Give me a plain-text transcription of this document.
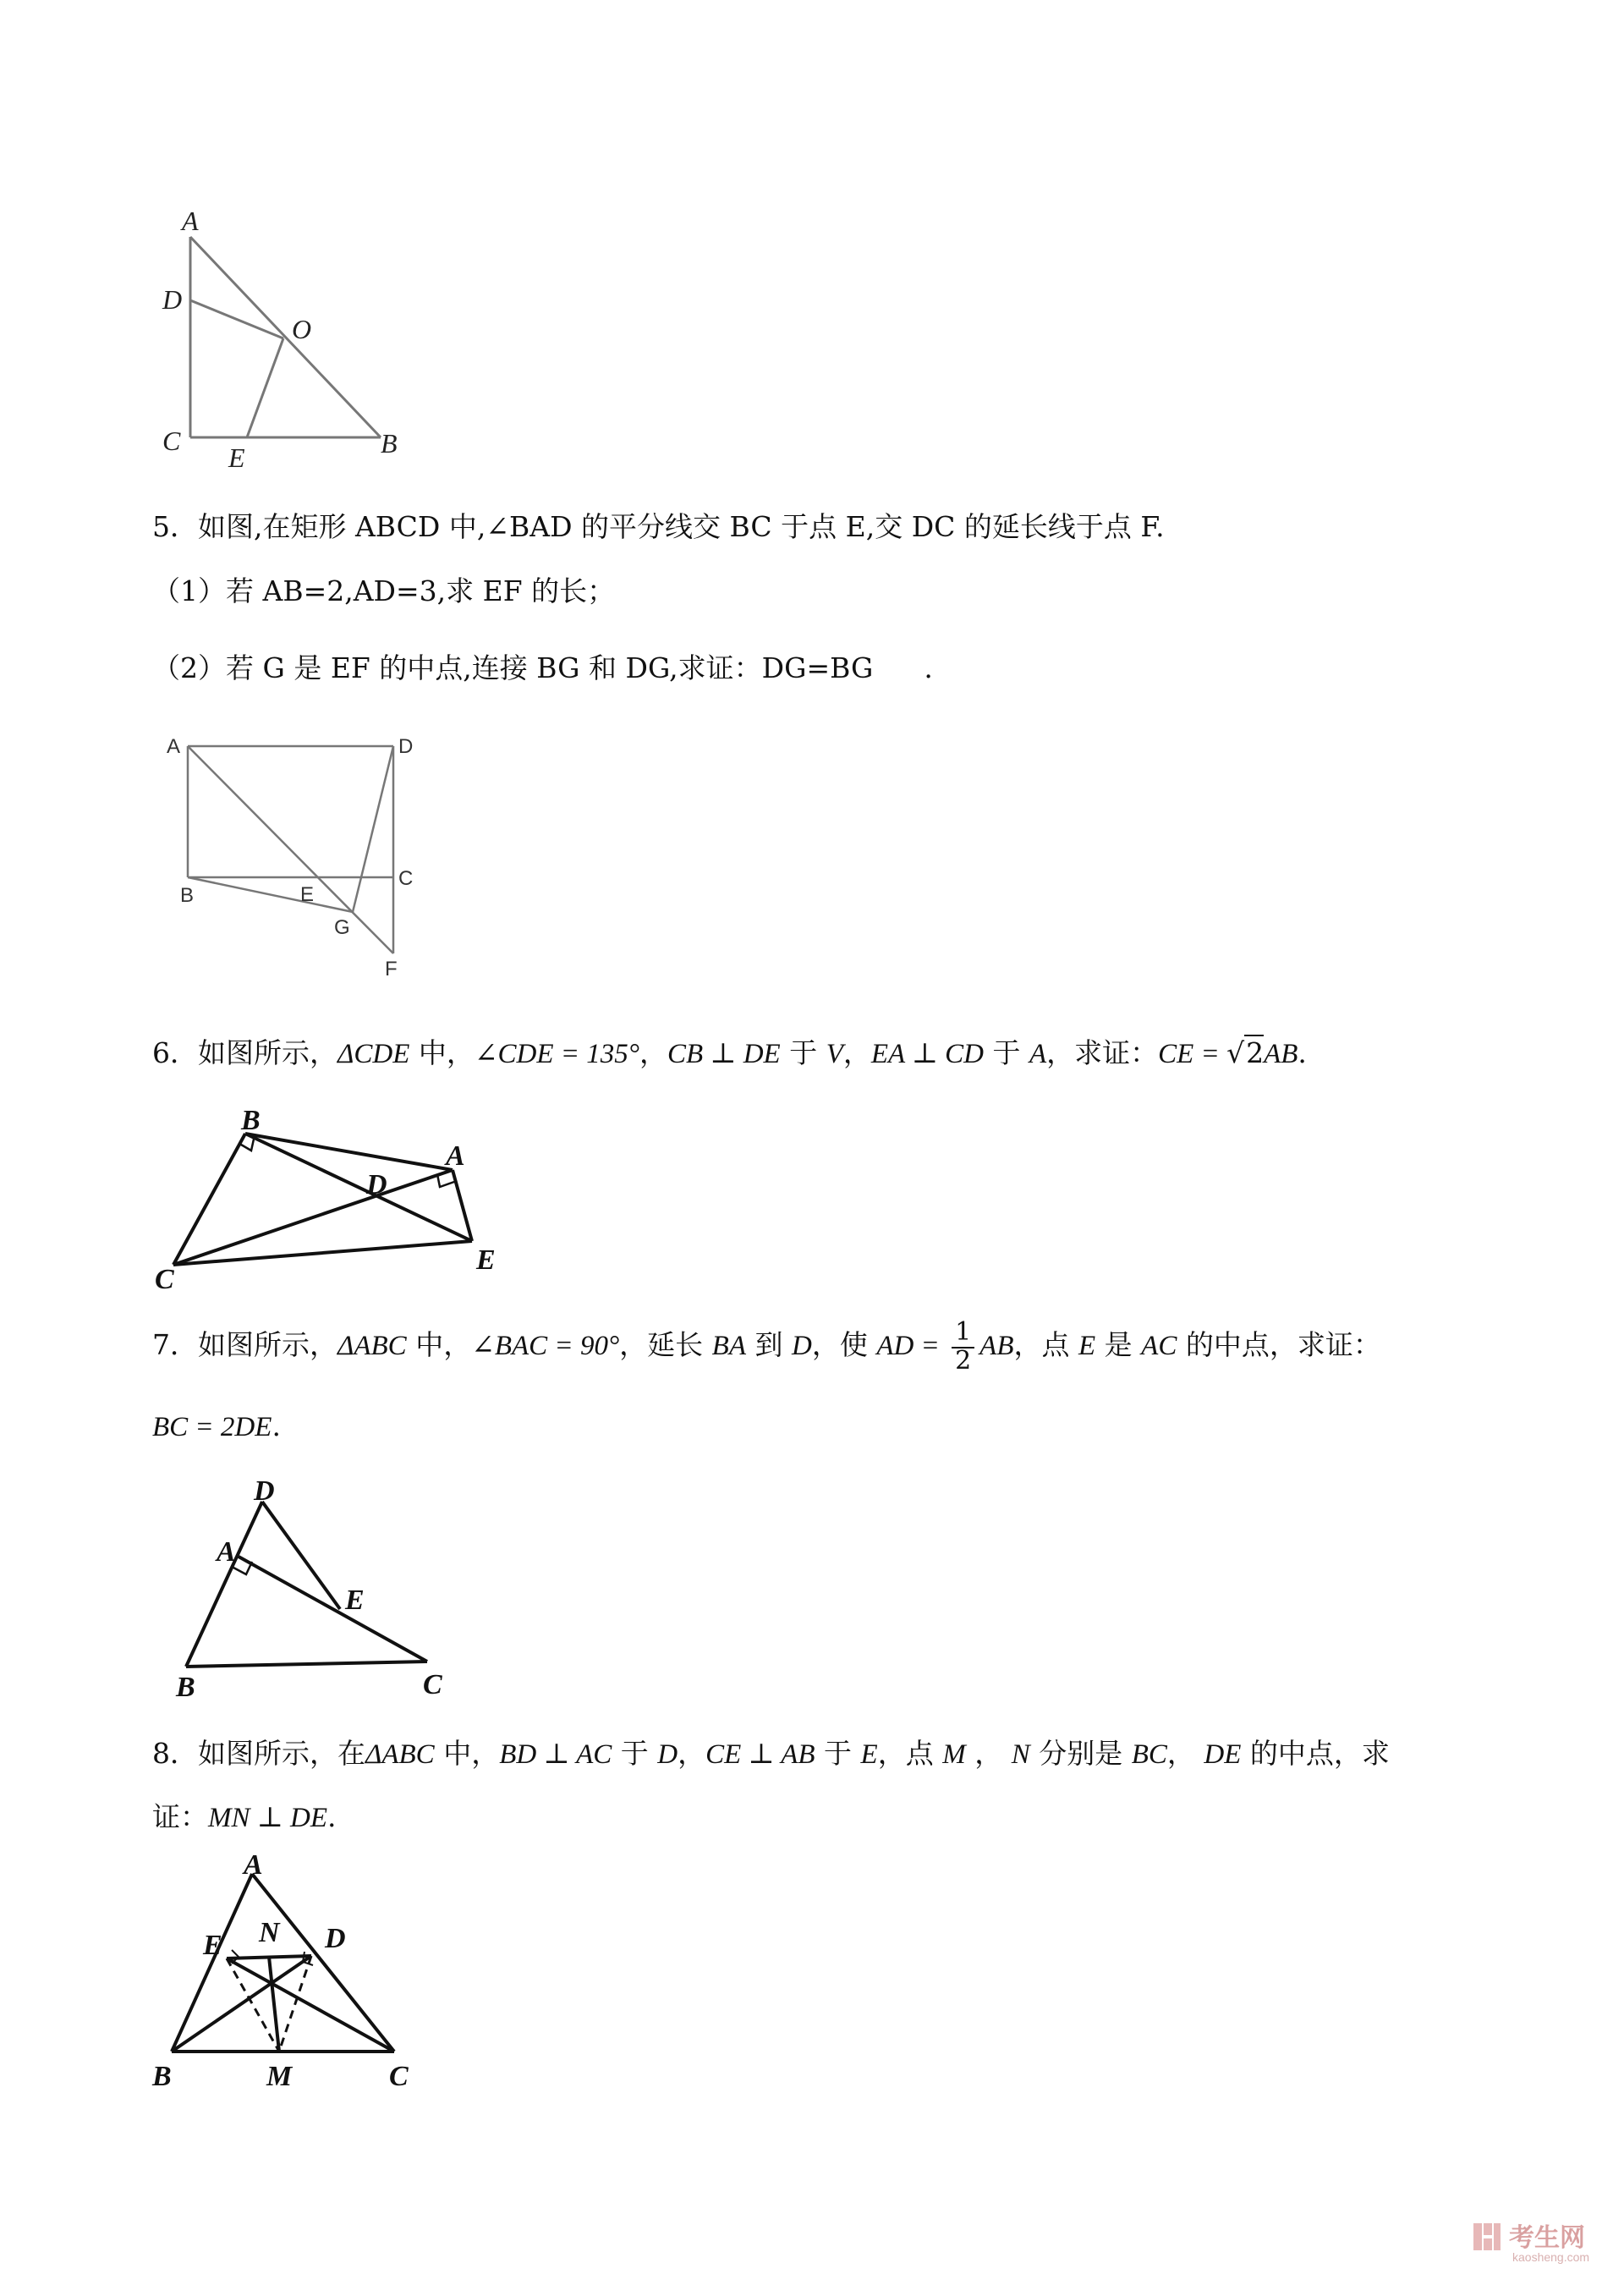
A
D
O
C
E	B
5．如图,在矩形 ABCD 中,∠BAD 的平分线交 BC 于点 E,交 DC 的延长线于点 F.
（1）若 AB=2,AD=3,求 EF 的长；
（2）若 G 是 EF 的中点,连接 BG 和 DG,求证：DG=BG .
A	D
B	E
C
G
F
6．如图所示，ΔCDE 中，∠CDE = 135°，CB ⊥ DE 于 V，EA ⊥ CD 于 A，求证：CE = √2AB.
B
A
D
C
E
7．如图所示，ΔABC 中，∠BAC = 90°，延长 BA 到 D，使 AD = $\frac{1}{2}$ AB，点 E 是 AC 的中点，求证：
BC = 2DE.
D
A
E
B	C
8．如图所示，在ΔABC 中，BD ⊥ AC 于 D，CE ⊥ AB 于 E，点 M ， N 分别是 BC， DE 的中点，求
证：MN ⊥ DE.
A
E N D
B	M	C
考生网
kaosheng.com
